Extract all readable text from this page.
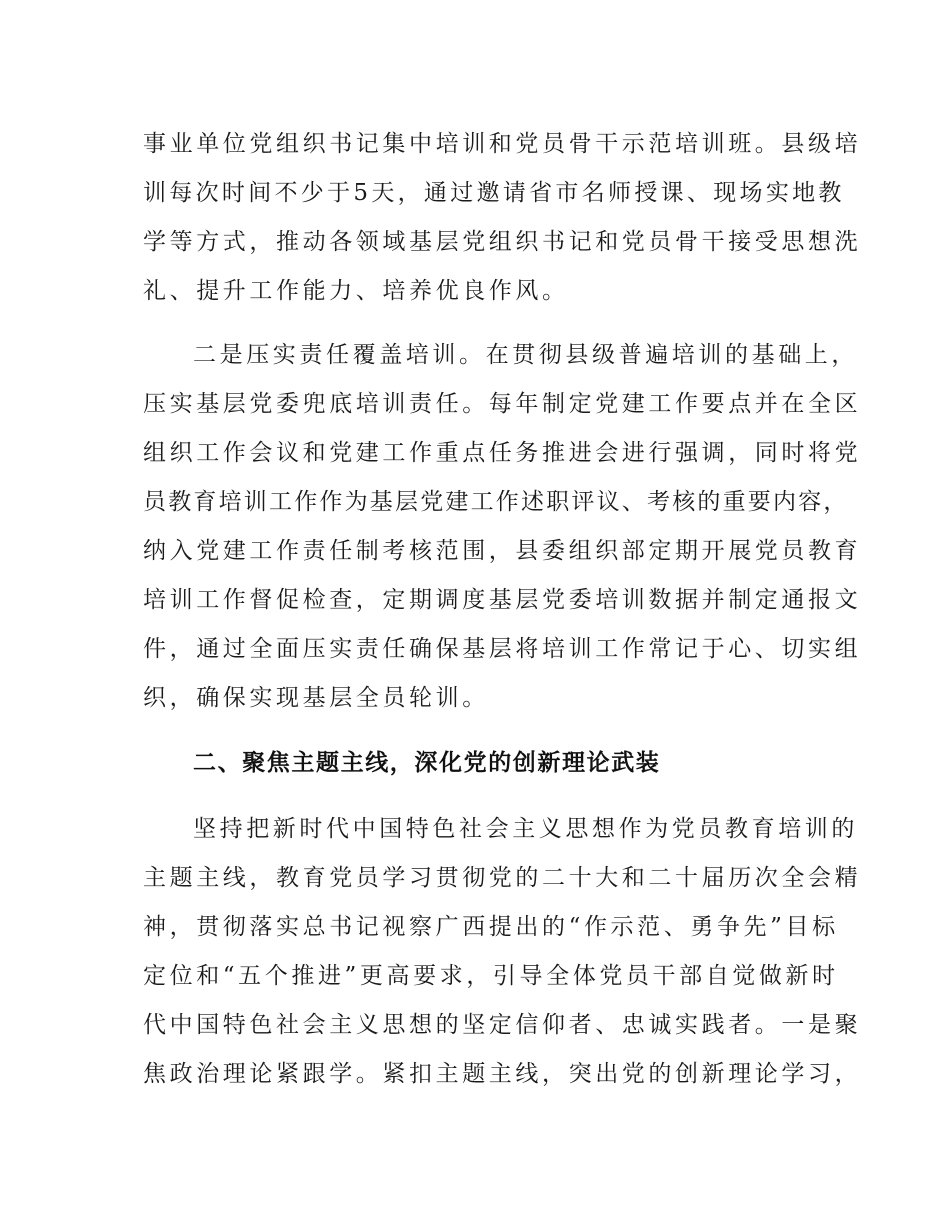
事业单位党组织书记集中培训和党员骨干示范培训班。县级培
训每次时间不少于5天，通过邀请省市名师授课、现场实地教
学等方式，推动各领域基层党组织书记和党员骨干接受思想洗
礼、提升工作能力、培养优良作风。
二是压实责任覆盖培训。在贯彻县级普遍培训的基础上，
压实基层党委兜底培训责任。每年制定党建工作要点并在全区
组织工作会议和党建工作重点任务推进会进行强调，同时将党
员教育培训工作作为基层党建工作述职评议、考核的重要内容，
纳入党建工作责任制考核范围，县委组织部定期开展党员教育
培训工作督促检查，定期调度基层党委培训数据并制定通报文
件，通过全面压实责任确保基层将培训工作常记于心、切实组
织，确保实现基层全员轮训。
二、聚焦主题主线，深化党的创新理论武装
坚持把新时代中国特色社会主义思想作为党员教育培训的
主题主线，教育党员学习贯彻党的二十大和二十届历次全会精
神，贯彻落实总书记视察广西提出的“作示范、勇争先”目标
定位和“五个推进”更高要求，引导全体党员干部自觉做新时
代中国特色社会主义思想的坚定信仰者、忠诚实践者。一是聚
焦政治理论紧跟学。紧扣主题主线，突出党的创新理论学习，
